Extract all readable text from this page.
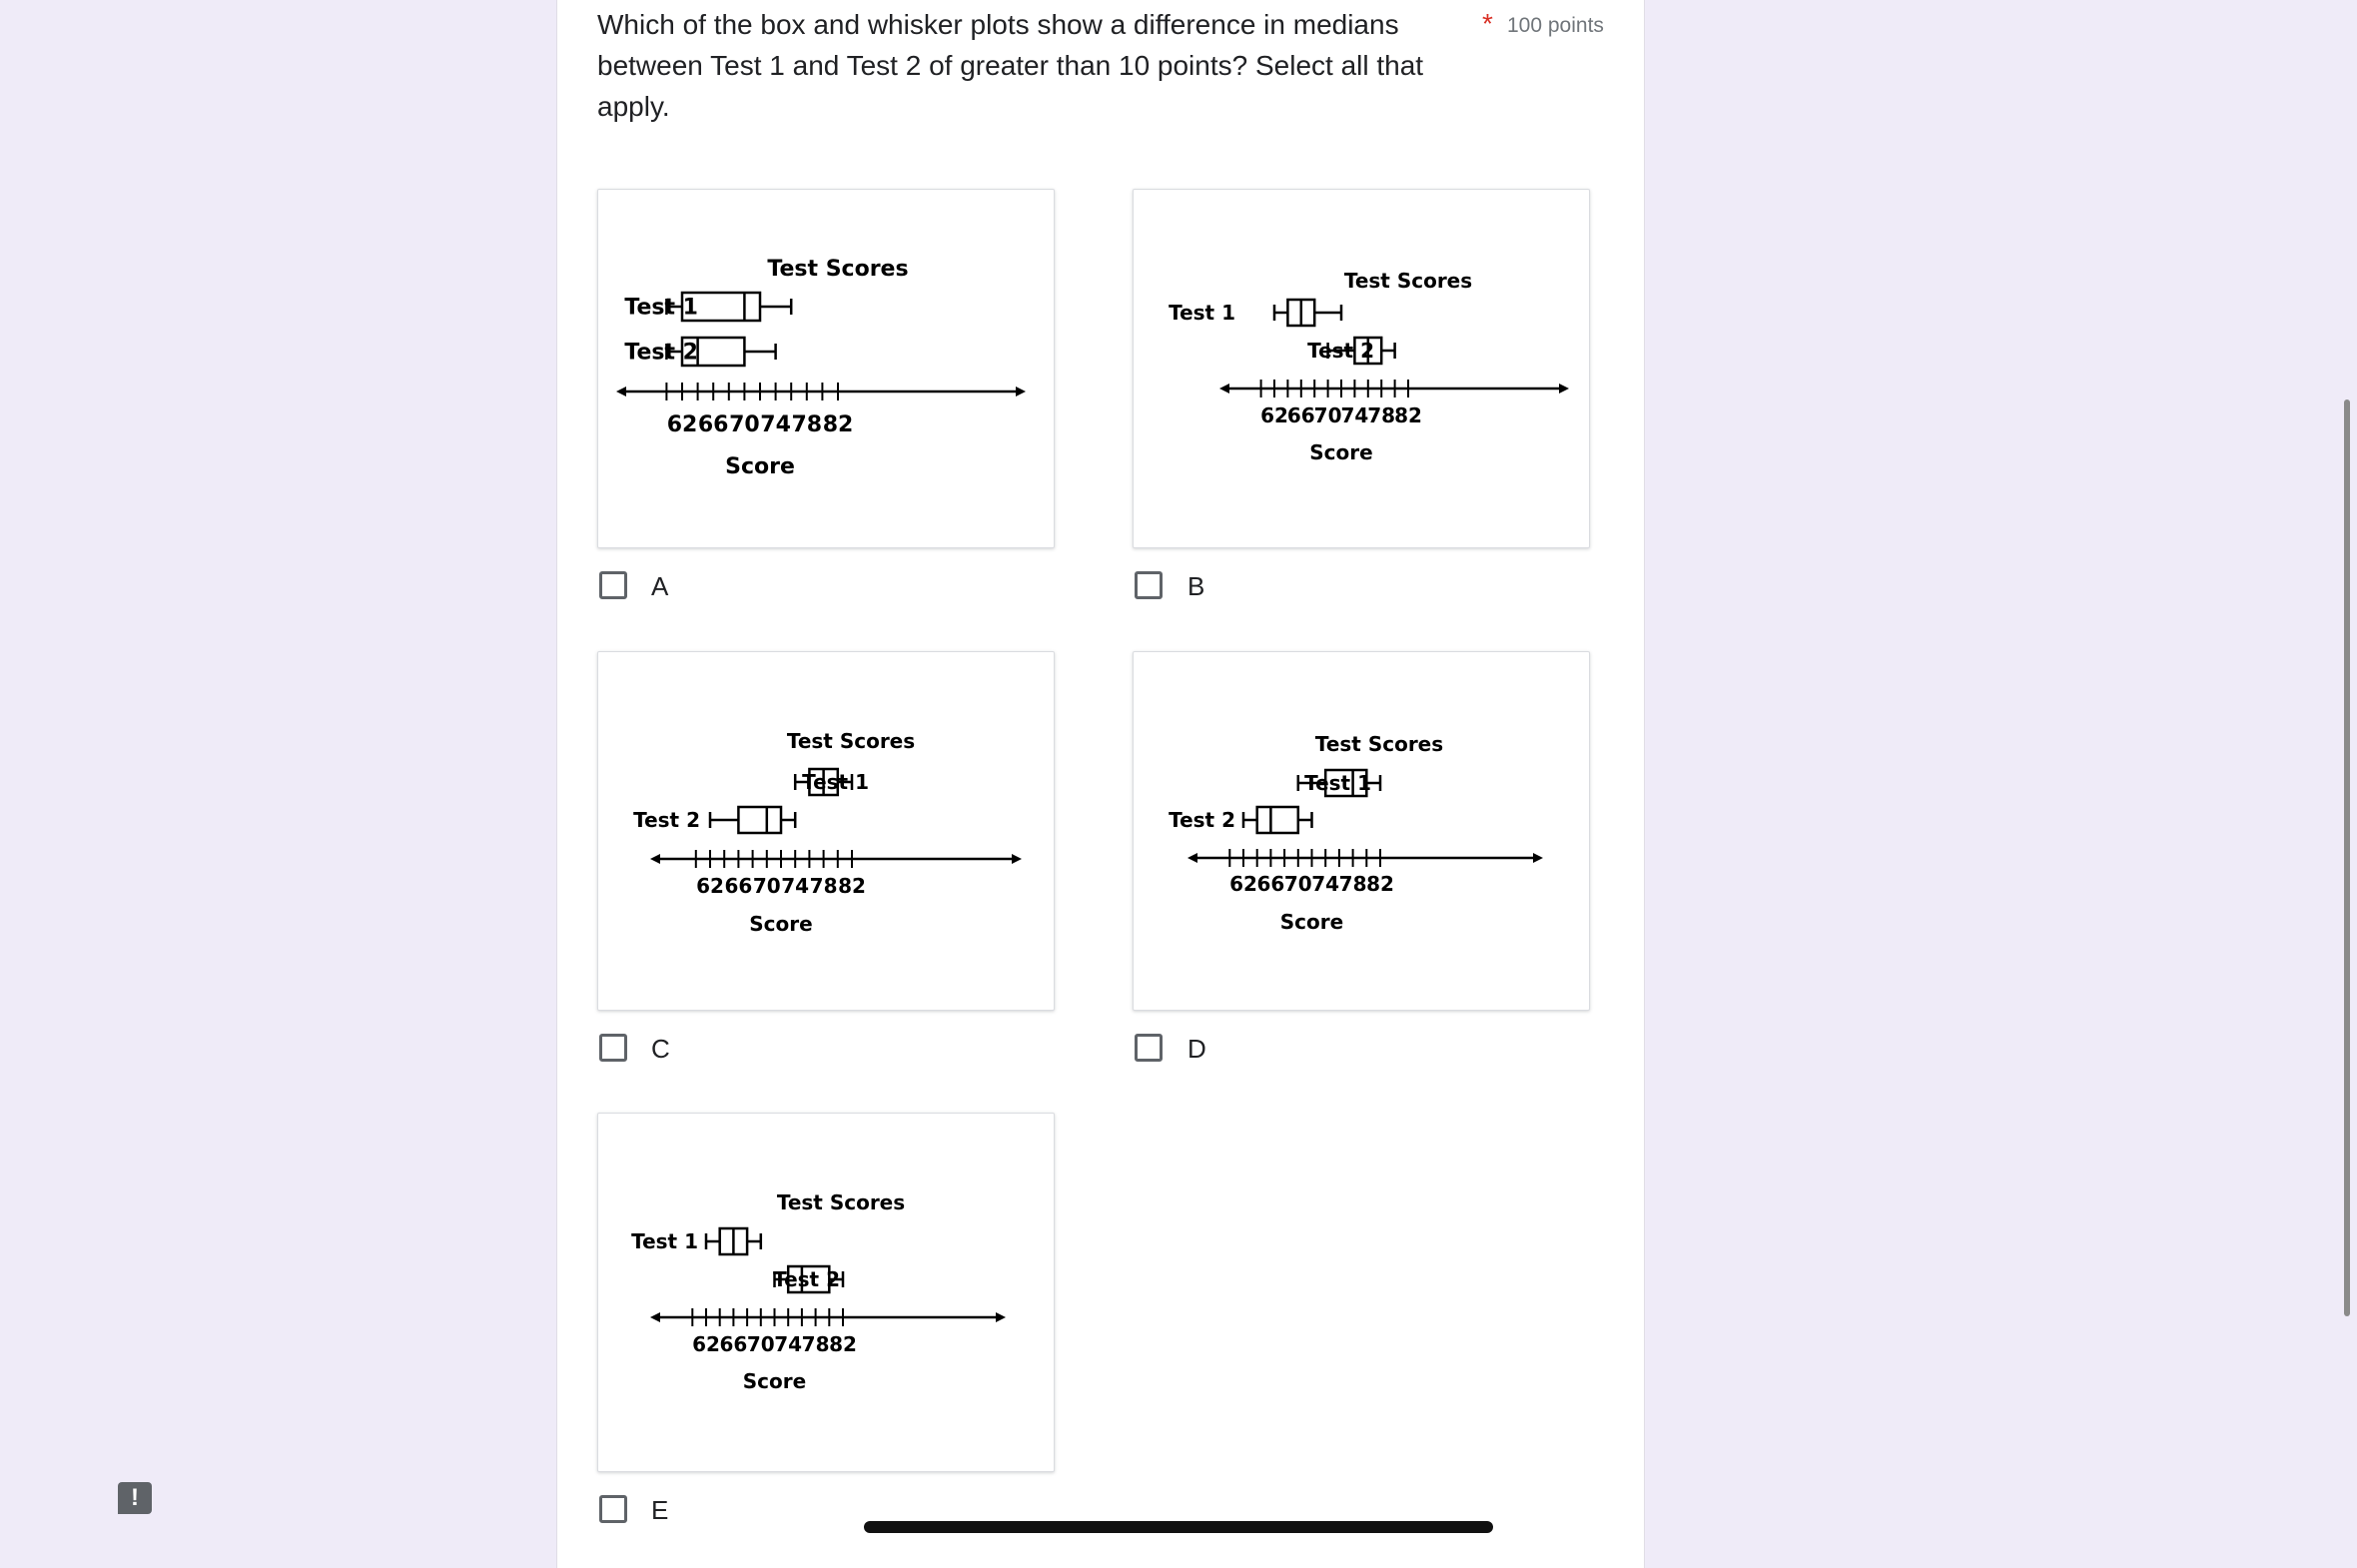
Which of the box and whisker plots show a difference in medians between Test 1 and Test 2 of greater than 10 points? Select all that apply.
* 100 points
Test Scores
Test 1
Test 2
62 66 70 74 78 82
Score
A
Test Scores
Test 1
Test 2
62
66
70
74
78
82
Score
B
Test Scores
Test 1
Test 2
62 66 70 74 78 82
Score
C
Test Scores
Test 1
Test 2
62 66 70 74 78 82
Score
D
Test Scores
Test 1
Test 2
62 66 70 74 78 82
Score
E
!
